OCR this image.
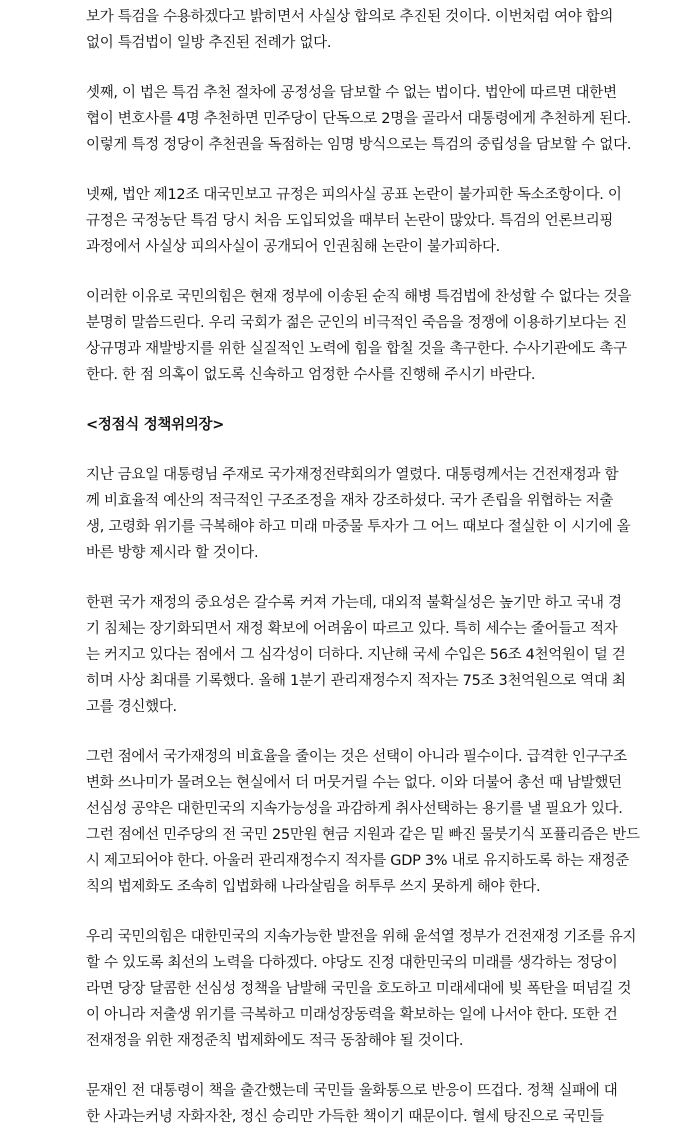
보가 특검을 수용하겠다고 밝히면서 사실상 합의로 추진된 것이다. 이번처럼 여야 합의
없이 특검법이 일방 추진된 전례가 없다.
셋째, 이 법은 특검 추천 절차에 공정성을 담보할 수 없는 법이다. 법안에 따르면 대한변
협이 변호사를 4명 추천하면 민주당이 단독으로 2명을 골라서 대통령에게 추천하게 된다.
이렇게 특정 정당이 추천권을 독점하는 임명 방식으로는 특검의 중립성을 담보할 수 없다.
넷째, 법안 제12조 대국민보고 규정은 피의사실 공표 논란이 불가피한 독소조항이다. 이
규정은 국정농단 특검 당시 처음 도입되었을 때부터 논란이 많았다. 특검의 언론브리핑
과정에서 사실상 피의사실이 공개되어 인권침해 논란이 불가피하다.
이러한 이유로 국민의힘은 현재 정부에 이송된 순직 해병 특검법에 찬성할 수 없다는 것을
분명히 말씀드린다. 우리 국회가 젊은 군인의 비극적인 죽음을 정쟁에 이용하기보다는 진
상규명과 재발방지를 위한 실질적인 노력에 힘을 합칠 것을 촉구한다. 수사기관에도 촉구
한다. 한 점 의혹이 없도록 신속하고 엄정한 수사를 진행해 주시기 바란다.
<정점식 정책위의장>
지난 금요일 대통령님 주재로 국가재정전략회의가 열렸다. 대통령께서는 건전재정과 함
께 비효율적 예산의 적극적인 구조조정을 재차 강조하셨다. 국가 존립을 위협하는 저출
생, 고령화 위기를 극복해야 하고 미래 마중물 투자가 그 어느 때보다 절실한 이 시기에 올
바른 방향 제시라 할 것이다.
한편 국가 재정의 중요성은 갈수록 커져 가는데, 대외적 불확실성은 높기만 하고 국내 경
기 침체는 장기화되면서 재정 확보에 어려움이 따르고 있다. 특히 세수는 줄어들고 적자
는 커지고 있다는 점에서 그 심각성이 더하다. 지난해 국세 수입은 56조 4천억원이 덜 걷
히며 사상 최대를 기록했다. 올해 1분기 관리재정수지 적자는 75조 3천억원으로 역대 최
고를 경신했다.
그런 점에서 국가재정의 비효율을 줄이는 것은 선택이 아니라 필수이다. 급격한 인구구조
변화 쓰나미가 몰려오는 현실에서 더 머뭇거릴 수는 없다. 이와 더불어 총선 때 남발했던
선심성 공약은 대한민국의 지속가능성을 과감하게 취사선택하는 용기를 낼 필요가 있다.
그런 점에선 민주당의 전 국민 25만원 현금 지원과 같은 밑 빠진 물붓기식 포퓰리즘은 반드
시 제고되어야 한다. 아울러 관리재정수지 적자를 GDP 3% 내로 유지하도록 하는 재정준
칙의 법제화도 조속히 입법화해 나라살림을 허투루 쓰지 못하게 해야 한다.
우리 국민의힘은 대한민국의 지속가능한 발전을 위해 윤석열 정부가 건전재정 기조를 유지
할 수 있도록 최선의 노력을 다하겠다. 야당도 진정 대한민국의 미래를 생각하는 정당이
라면 당장 달콤한 선심성 정책을 남발해 국민을 호도하고 미래세대에 빚 폭탄을 떠넘길 것
이 아니라 저출생 위기를 극복하고 미래성장동력을 확보하는 일에 나서야 한다. 또한 건
전재정을 위한 재정준칙 법제화에도 적극 동참해야 될 것이다.
문재인 전 대통령이 책을 출간했는데 국민들 울화통으로 반응이 뜨겁다. 정책 실패에 대
한 사과는커녕 자화자찬, 정신 승리만 가득한 책이기 때문이다. 혈세 탕진으로 국민들
